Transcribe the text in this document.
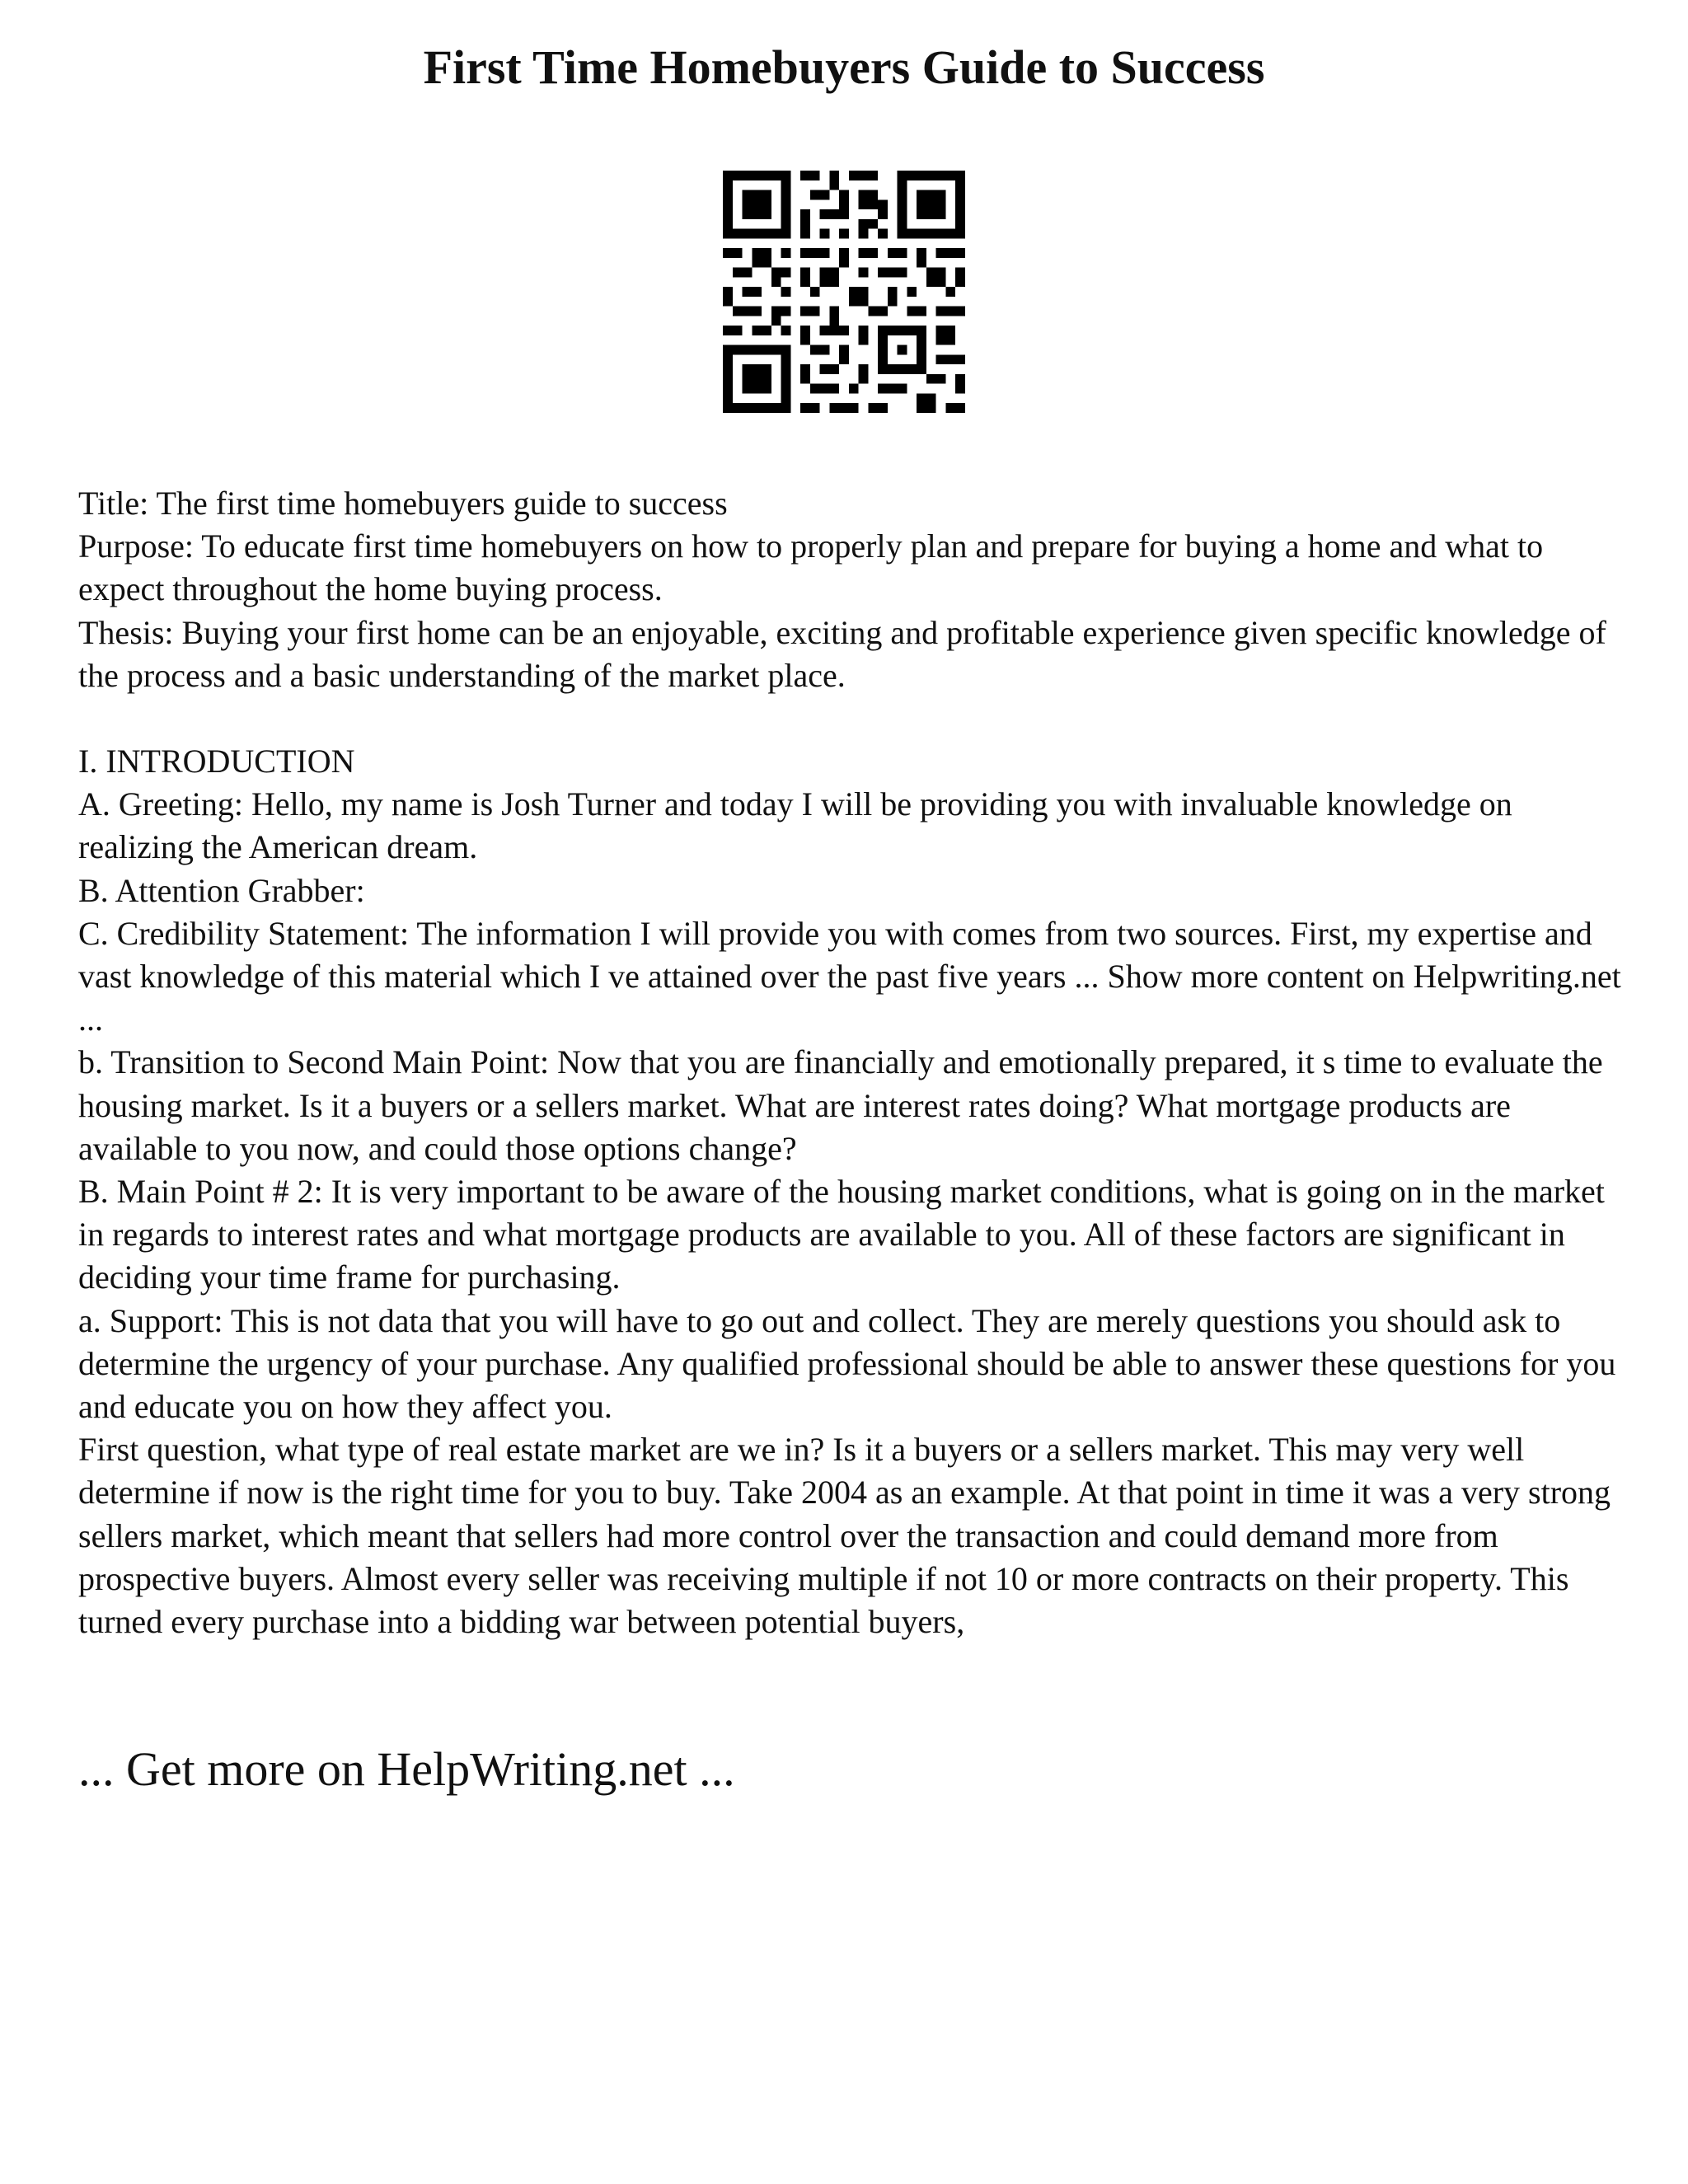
First Time Homebuyers Guide to Success

Title: The first time homebuyers guide to success

Purpose: To educate first time homebuyers on how to properly plan and prepare for buying a home and what to expect throughout the home buying process.

Thesis: Buying your first home can be an enjoyable, exciting and profitable experience given specific knowledge of the process and a basic understanding of the market place.

I. INTRODUCTION

A. Greeting: Hello, my name is Josh Turner and today I will be providing you with invaluable knowledge on realizing the American dream.

B. Attention Grabber:

C. Credibility Statement: The information I will provide you with comes from two sources. First, my expertise and vast knowledge of this material which I ve attained over the past five years ... Show more content on Helpwriting.net ...

b. Transition to Second Main Point: Now that you are financially and emotionally prepared, it s time to evaluate the housing market. Is it a buyers or a sellers market. What are interest rates doing? What mortgage products are available to you now, and could those options change?

B. Main Point # 2: It is very important to be aware of the housing market conditions, what is going on in the market in regards to interest rates and what mortgage products are available to you. All of these factors are significant in deciding your time frame for purchasing.

a. Support: This is not data that you will have to go out and collect. They are merely questions you should ask to determine the urgency of your purchase. Any qualified professional should be able to answer these questions for you and educate you on how they affect you.

First question, what type of real estate market are we in? Is it a buyers or a sellers market. This may very well determine if now is the right time for you to buy. Take 2004 as an example. At that point in time it was a very strong sellers market, which meant that sellers had more control over the transaction and could demand more from prospective buyers. Almost every seller was receiving multiple if not 10 or more contracts on their property. This turned every purchase into a bidding war between potential buyers,

... Get more on HelpWriting.net ...
